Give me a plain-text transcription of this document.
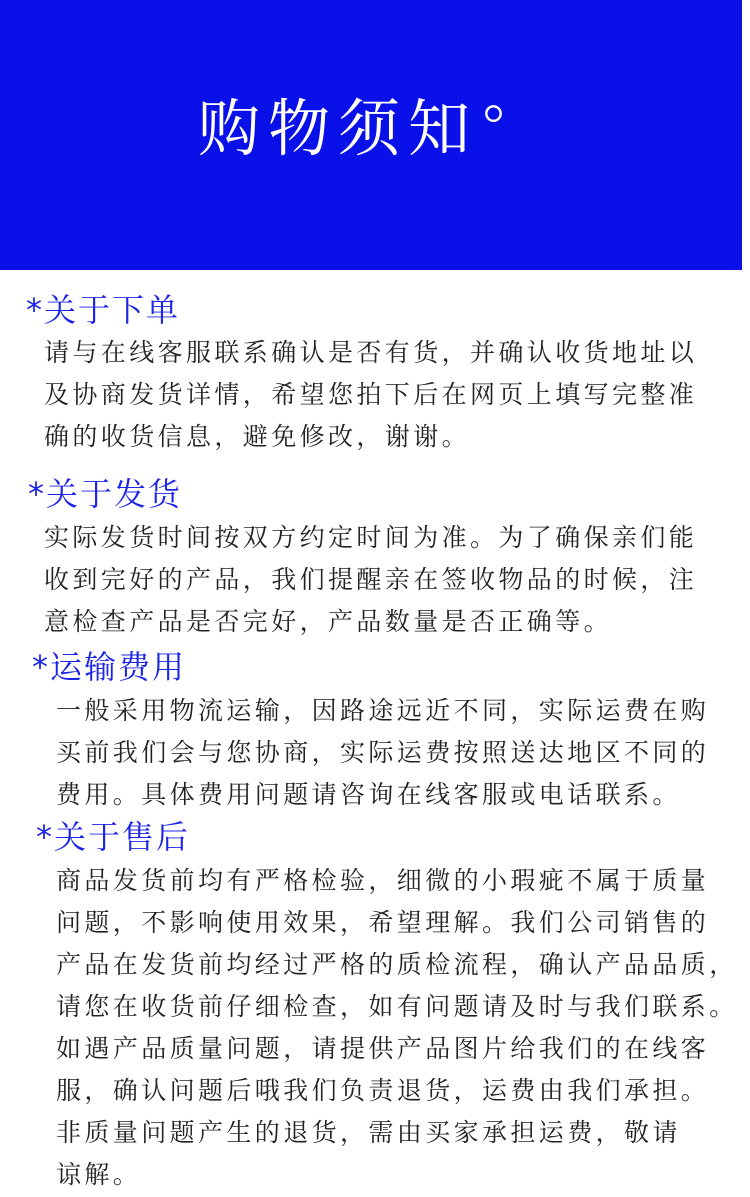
购物须知°
*关于下单
请与在线客服联系确认是否有货，并确认收货地址以
及协商发货详情，希望您拍下后在网页上填写完整准
确的收货信息，避免修改，谢谢。
*关于发货
实际发货时间按双方约定时间为准。为了确保亲们能
收到完好的产品，我们提醒亲在签收物品的时候，注
意检查产品是否完好，产品数量是否正确等。
*运输费用
一般采用物流运输，因路途远近不同，实际运费在购
买前我们会与您协商，实际运费按照送达地区不同的
费用。具体费用问题请咨询在线客服或电话联系。
*关于售后
商品发货前均有严格检验，细微的小瑕疵不属于质量
问题，不影响使用效果，希望理解。我们公司销售的
产品在发货前均经过严格的质检流程，确认产品品质，
请您在收货前仔细检查，如有问题请及时与我们联系。
如遇产品质量问题，请提供产品图片给我们的在线客
服，确认问题后哦我们负责退货，运费由我们承担。
非质量问题产生的退货，需由买家承担运费，敬请
谅解。
